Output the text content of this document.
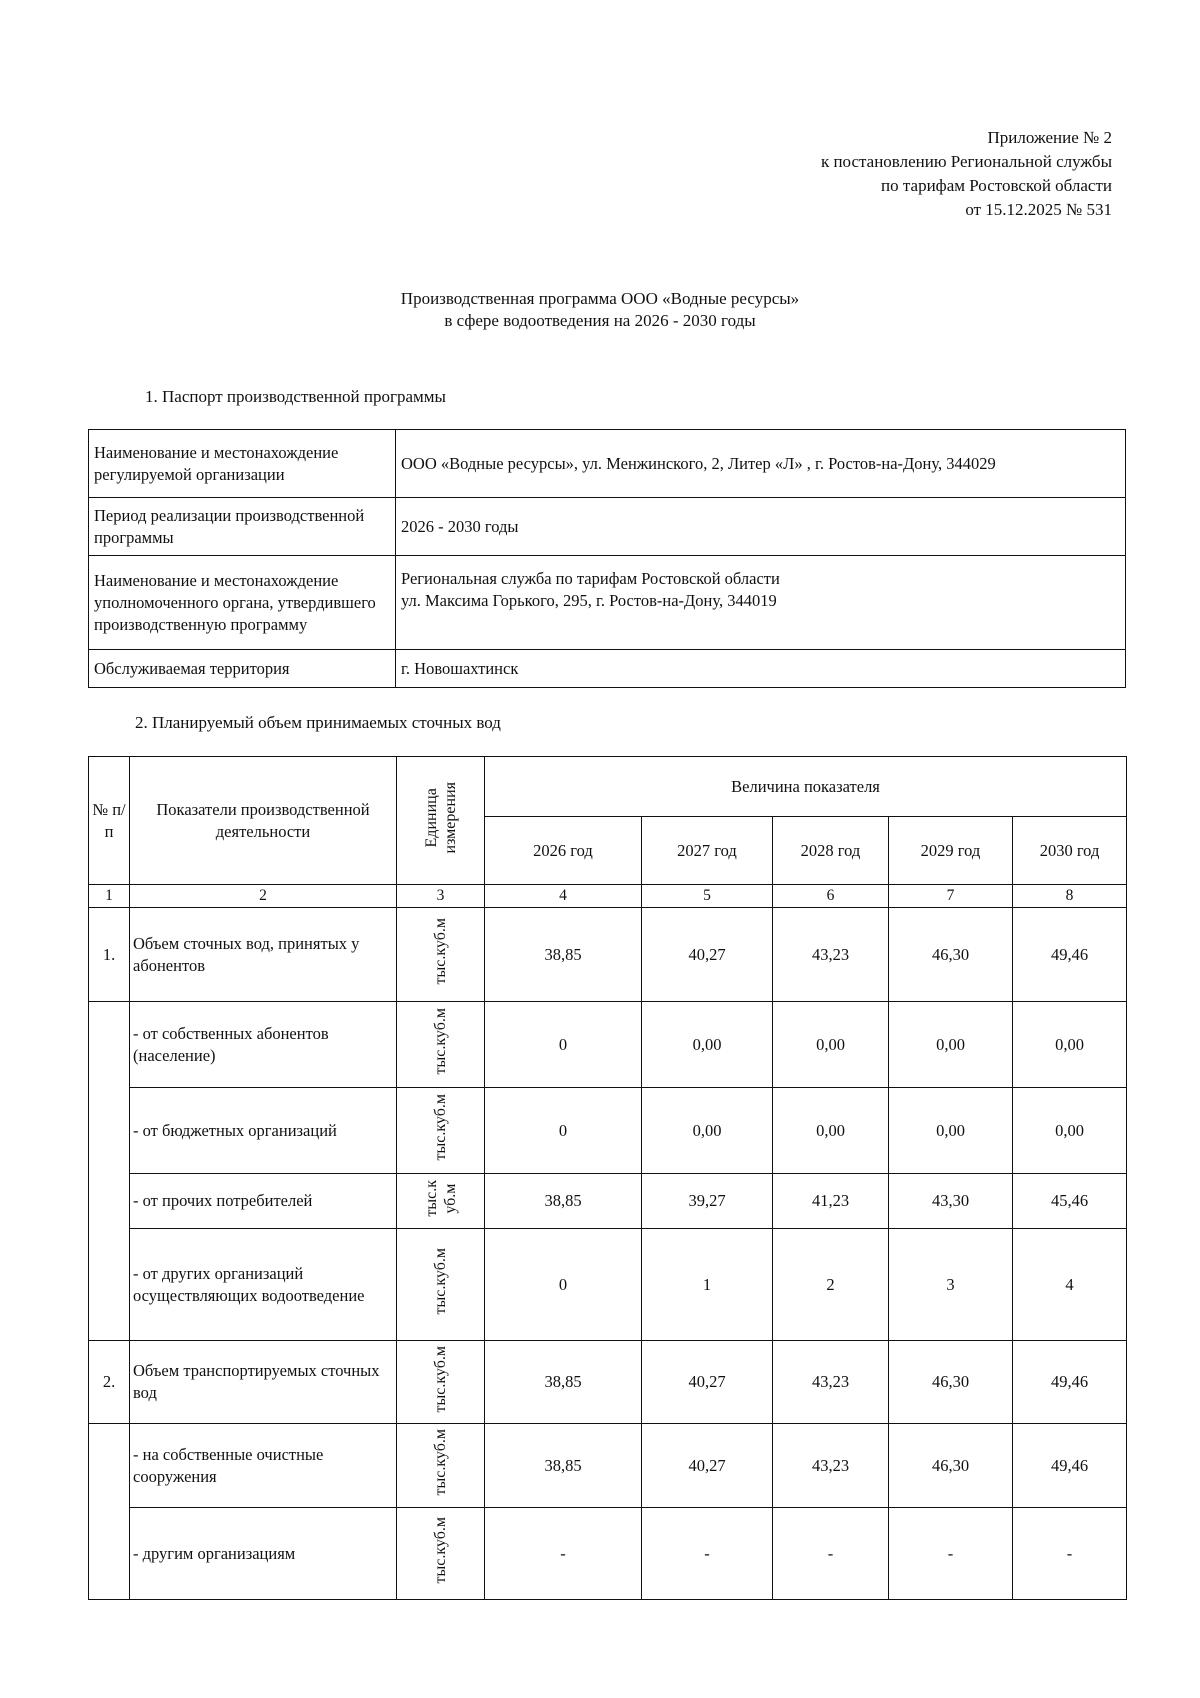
Приложение № 2
к постановлению Региональной службы
по тарифам Ростовской области
от 15.12.2025 № 531
Производственная программа ООО «Водные ресурсы»
в сфере водоотведения на 2026 - 2030 годы
1. Паспорт производственной программы
Наименование и местонахождение регулируемой организации	ООО «Водные ресурсы», ул. Менжинского, 2, Литер «Л» , г. Ростов-на-Дону, 344029
Период реализации производственной программы	2026 - 2030 годы
Наименование и местонахождение уполномоченного органа, утвердившего производственную программу	Региональная служба по тарифам Ростовской области
ул. Максима Горького, 295, г. Ростов-на-Дону, 344019

Обслуживаемая территория	г. Новошахтинск
2. Планируемый объем принимаемых сточных вод
№ п/п	Показатели производственной деятельности	Единица измерения	Величина показателя				
			2026 год	2027 год	2028 год	2029 год	2030 год
1	2	3	4	5	6	7	8
1.	Объем сточных вод, принятых у абонентов	тыс.куб.м	38,85	40,27	43,23	46,30	49,46
	- от собственных абонентов (население)	тыс.куб.м	0	0,00	0,00	0,00	0,00
	- от бюджетных организаций	тыс.куб.м	0	0,00	0,00	0,00	0,00
	- от прочих потребителей	тыс.к уб.м	38,85	39,27	41,23	43,30	45,46
	- от других организаций осуществляющих водоотведение	тыс.куб.м	0	1	2	3	4
2.	Объем транспортируемых сточных вод	тыс.куб.м	38,85	40,27	43,23	46,30	49,46
	- на собственные очистные сооружения	тыс.куб.м	38,85	40,27	43,23	46,30	49,46
	- другим организациям	тыс.куб.м	-	-	-	-	-
